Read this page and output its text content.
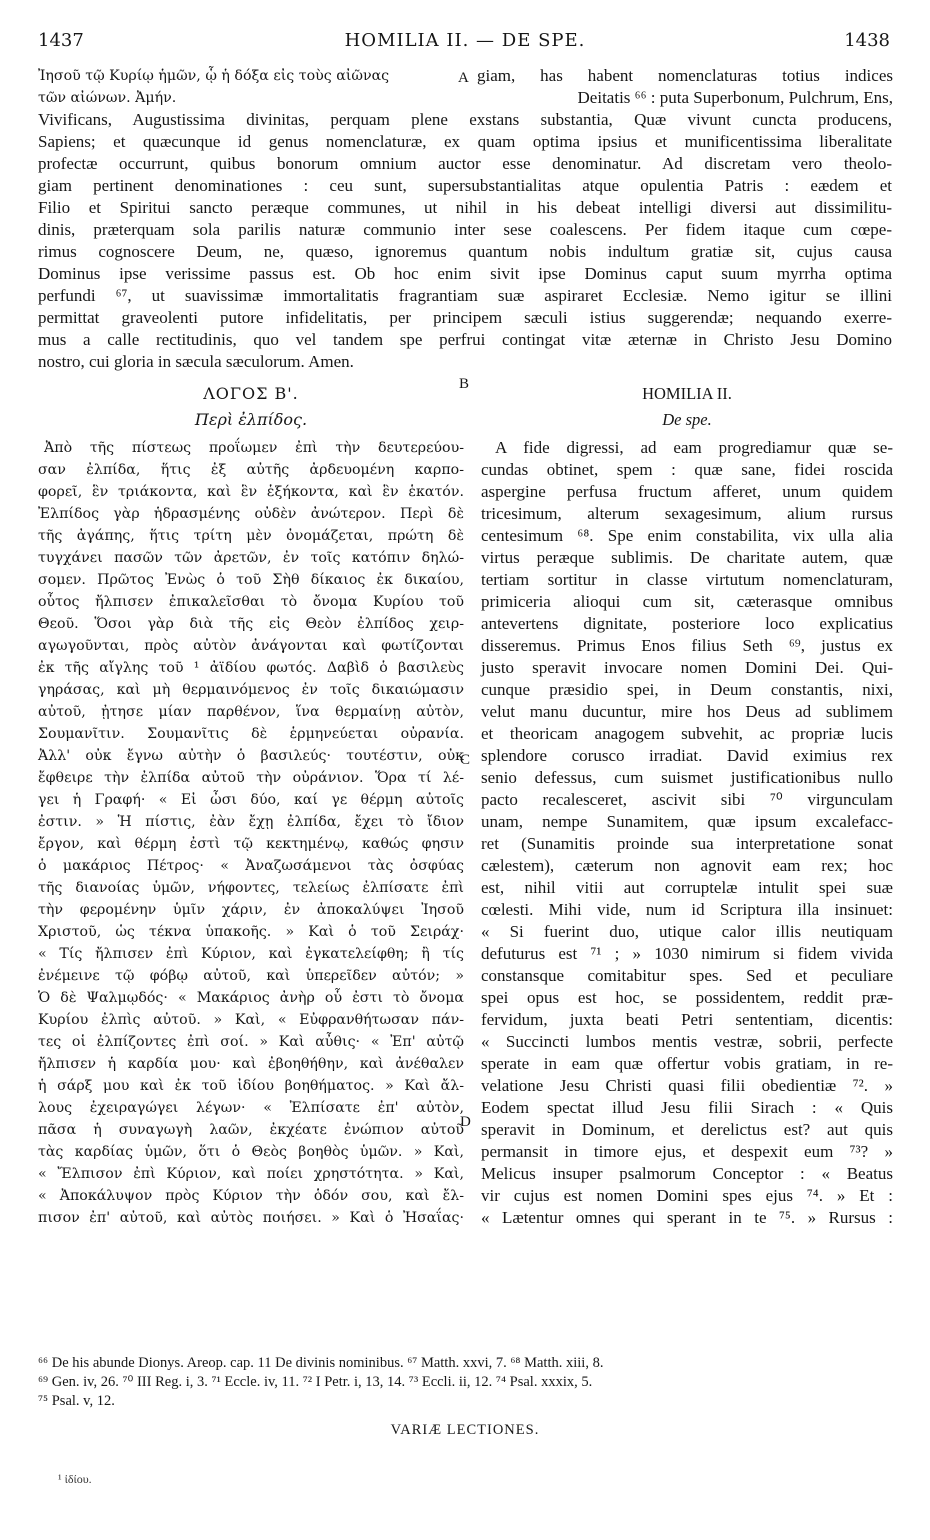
1437	HOMILIA II. — DE SPE.	1438
Ἰησοῦ τῷ Κυρίῳ ἡμῶν, ᾧ ἡ δόξα εἰς τοὺς αἰῶνας
τῶν αἰώνων. Ἀμήν.
A giam, has habent nomenclaturas totius indices
Deitatis ⁶⁶ : puta Superbonum, Pulchrum, Ens,
Vivificans, Augustissima divinitas, perquam plene exstans substantia, Quæ vivunt cuncta producens,
Sapiens; et quæcunque id genus nomenclaturæ, ex quam optima ipsius et munificentissima liberalitate
profectæ occurrunt, quibus bonorum omnium auctor esse denominatur. Ad discretam vero theolo-
giam pertinent denominationes : ceu sunt, supersubstantialitas atque opulentia Patris : eædem et
Filio et Spiritui sancto peræque communes, ut nihil in his debeat intelligi diversi aut dissimilitu-
dinis, præterquam sola parilis naturæ communio inter sese coalescens. Per fidem itaque cum cœpe-
rimus cognoscere Deum, ne, quæso, ignoremus quantum nobis indultum gratiæ sit, cujus causa
Dominus ipse verissime passus est. Ob hoc enim sivit ipse Dominus caput suum myrrha optima
perfundi ⁶⁷, ut suavissimæ immortalitatis fragrantiam suæ aspiraret Ecclesiæ. Nemo igitur se illini
permittat graveolenti putore infidelitatis, per principem sæculi istius suggerendæ; nequando exerre-
mus a calle rectitudinis, quo vel tandem spe perfrui contingat vitæ æternæ in Christo Jesu Domino
nostro, cui gloria in sæcula sæculorum. Amen.
ΛΟΓΟΣ Β'.
Περὶ ἐλπίδος.
B	HOMILIA II.
De spe.
Ἀπὸ τῆς πίστεως προΐωμεν ἐπὶ τὴν δευτερεύου-
σαν ἐλπίδα, ἥτις ἐξ αὐτῆς ἀρδευομένη καρπο-
φορεῖ, ἓν τριάκοντα, καὶ ἓν ἑξήκοντα, καὶ ἓν ἑκατόν.
Ἐλπίδος γὰρ ἡδρασμένης οὐδὲν ἀνώτερον. Περὶ δὲ
τῆς ἀγάπης, ἥτις τρίτη μὲν ὀνομάζεται, πρώτη δὲ
τυγχάνει πασῶν τῶν ἀρετῶν, ἐν τοῖς κατόπιν δηλώ-
σομεν. Πρῶτος Ἐνὼς ὁ τοῦ Σὴθ δίκαιος ἐκ δικαίου,
οὗτος ἤλπισεν ἐπικαλεῖσθαι τὸ ὄνομα Κυρίου τοῦ
Θεοῦ. Ὅσοι γὰρ διὰ τῆς εἰς Θεὸν ἐλπίδος χειρ-
αγωγοῦνται, πρὸς αὐτὸν ἀνάγονται καὶ φωτίζονται
ἐκ τῆς αἴγλης τοῦ ¹ ἀϊδίου φωτός. Δαβὶδ ὁ βασιλεὺς
γηράσας, καὶ μὴ θερμαινόμενος ἐν τοῖς δικαιώμασιν
αὐτοῦ, ᾐτησε μίαν παρθένον, ἵνα θερμαίνῃ αὐτὸν,
Σουμανῖτιν. Σουμανῖτις δὲ ἑρμηνεύεται οὐρανία.
Ἀλλ' οὐκ ἔγνω αὐτὴν ὁ βασιλεύς· τουτέστιν, οὐκ
ἔφθειρε τὴν ἐλπίδα αὐτοῦ τὴν οὐράνιον. Ὅρα τί λέ-
γει ἡ Γραφή· « Εἰ ὦσι δύο, καί γε θέρμη αὐτοῖς
ἐστιν. » Ἡ πίστις, ἐὰν ἔχῃ ἐλπίδα, ἔχει τὸ ἴδιον
ἔργον, καὶ θέρμη ἐστὶ τῷ κεκτημένῳ, καθώς φησιν
ὁ μακάριος Πέτρος· « Ἀναζωσάμενοι τὰς ὀσφύας
τῆς διανοίας ὑμῶν, νήφοντες, τελείως ἐλπίσατε ἐπὶ
τὴν φερομένην ὑμῖν χάριν, ἐν ἀποκαλύψει Ἰησοῦ
Χριστοῦ, ὡς τέκνα ὑπακοῆς. » Καὶ ὁ τοῦ Σειράχ·
« Τίς ἤλπισεν ἐπὶ Κύριον, καὶ ἐγκατελείφθη; ἢ τίς
ἐνέμεινε τῷ φόβῳ αὐτοῦ, καὶ ὑπερεῖδεν αὐτόν; »
Ὁ δὲ Ψαλμῳδός· « Μακάριος ἀνὴρ οὗ ἐστι τὸ ὄνομα
Κυρίου ἐλπὶς αὐτοῦ. » Καὶ, « Εὐφρανθήτωσαν πάν-
τες οἱ ἐλπίζοντες ἐπὶ σοί. » Καὶ αὖθις· « Ἐπ' αὐτῷ
ἤλπισεν ἡ καρδία μου· καὶ ἐβοηθήθην, καὶ ἀνέθαλεν
ἡ σάρξ μου καὶ ἐκ τοῦ ἰδίου βοηθήματος. » Καὶ ἄλ-
λους ἐχειραγώγει λέγων· « Ἐλπίσατε ἐπ' αὐτὸν,
πᾶσα ἡ συναγωγὴ λαῶν, ἐκχέατε ἐνώπιον αὐτοῦ
τὰς καρδίας ὑμῶν, ὅτι ὁ Θεὸς βοηθὸς ὑμῶν. » Καὶ,
« Ἔλπισον ἐπὶ Κύριον, καὶ ποίει χρηστότητα. » Καὶ,
« Ἀποκάλυψον πρὸς Κύριον τὴν ὁδόν σου, καὶ ἔλ-
πισον ἐπ' αὐτοῦ, καὶ αὐτὸς ποιήσει. » Καὶ ὁ Ἠσαΐας·
C
D
A fide digressi, ad eam progrediamur quæ se-
cundas obtinet, spem : quæ sane, fidei roscida
aspergine perfusa fructum afferet, unum quidem
tricesimum, alterum sexagesimum, alium rursus
centesimum ⁶⁸. Spe enim constabilita, vix ulla alia
virtus peræque sublimis. De charitate autem, quæ
tertiam sortitur in classe virtutum nomenclaturam,
primiceria alioqui cum sit, cæterasque omnibus
antevertens dignitate, posteriore loco explicatius
disseremus. Primus Enos filius Seth ⁶⁹, justus ex
justo speravit invocare nomen Domini Dei. Qui-
cunque præsidio spei, in Deum constantis, nixi,
velut manu ducuntur, mire hos Deus ad sublimem
et theoricam anagogem subvehit, ac propriæ lucis
splendore corusco irradiat. David eximius rex
senio defessus, cum suismet justificationibus nullo
pacto recalesceret, ascivit sibi ⁷⁰ virgunculam
unam, nempe Sunamitem, quæ ipsum excalefacc-
ret (Sunamitis proinde sua interpretatione sonat
cælestem), cæterum non agnovit eam rex; hoc
est, nihil vitii aut corruptelæ intulit spei suæ
cœlesti. Mihi vide, num id Scriptura illa insinuet:
« Si fuerint duo, utique calor illis neutiquam
defuturus est ⁷¹ ; » 1030 nimirum si fidem vivida
constansque comitabitur spes. Sed et peculiare
spei opus est hoc, se possidentem, reddit præ-
fervidum, juxta beati Petri sententiam, dicentis:
« Succincti lumbos mentis vestræ, sobrii, perfecte
sperate in eam quæ offertur vobis gratiam, in re-
velatione Jesu Christi quasi filii obedientiæ ⁷². »
Eodem spectat illud Jesu filii Sirach : « Quis
speravit in Dominum, et derelictus est? aut quis
permansit in timore ejus, et despexit eum ⁷³? »
Melicus insuper psalmorum Conceptor : « Beatus
vir cujus est nomen Domini spes ejus ⁷⁴. » Et :
« Lætentur omnes qui sperant in te ⁷⁵. » Rursus :
⁶⁶ De his abunde Dionys. Areop. cap. 11 De divinis nominibus. ⁶⁷ Matth. xxvi, 7. ⁶⁸ Matth. xiii, 8.
⁶⁹ Gen. iv, 26. ⁷⁰ III Reg. i, 3. ⁷¹ Eccle. iv, 11. ⁷² I Petr. i, 13, 14. ⁷³ Eccli. ii, 12. ⁷⁴ Psal. xxxix, 5.
⁷⁵ Psal. v, 12.
VARIÆ LECTIONES.
¹ ἰδίου.
